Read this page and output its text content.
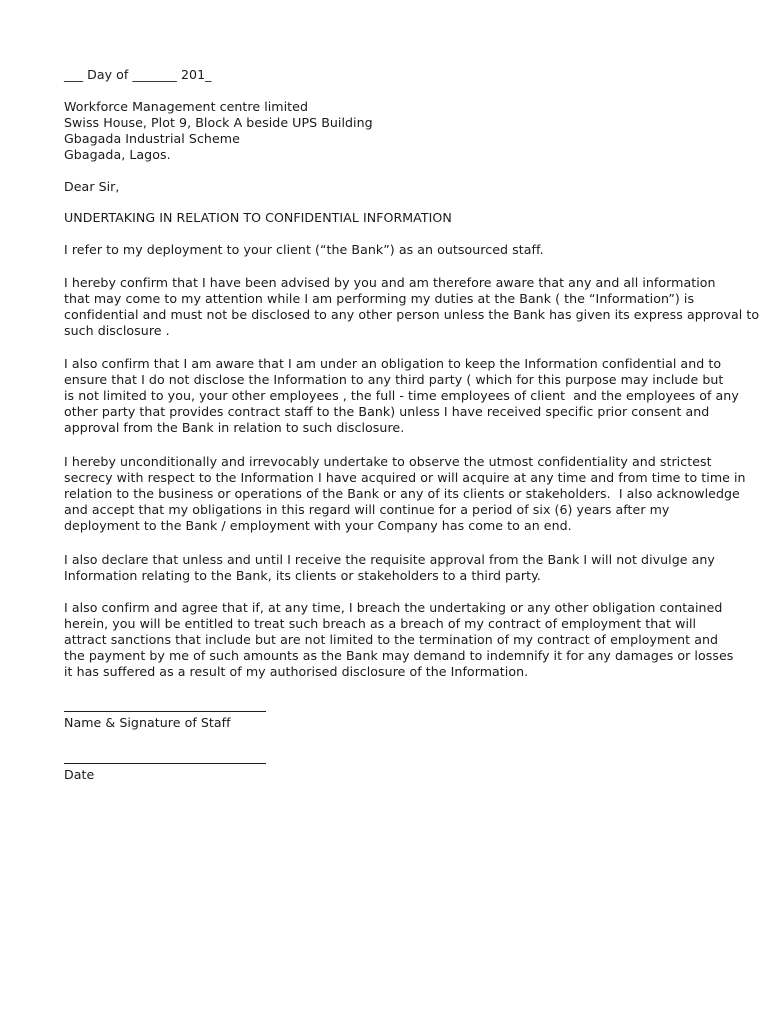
___ Day of _______ 201_
Workforce Management centre limited
Swiss House, Plot 9, Block A beside UPS Building
Gbagada Industrial Scheme
Gbagada, Lagos.
Dear Sir,
UNDERTAKING IN RELATION TO CONFIDENTIAL INFORMATION
I refer to my deployment to your client (“the Bank”) as an outsourced staff.
I hereby confirm that I have been advised by you and am therefore aware that any and all information
that may come to my attention while I am performing my duties at the Bank ( the “Information”) is
confidential and must not be disclosed to any other person unless the Bank has given its express approval to
such disclosure .
I also confirm that I am aware that I am under an obligation to keep the Information confidential and to
ensure that I do not disclose the Information to any third party ( which for this purpose may include but
is not limited to you, your other employees , the full - time employees of client  and the employees of any
other party that provides contract staff to the Bank) unless I have received specific prior consent and
approval from the Bank in relation to such disclosure.
I hereby unconditionally and irrevocably undertake to observe the utmost confidentiality and strictest
secrecy with respect to the Information I have acquired or will acquire at any time and from time to time in
relation to the business or operations of the Bank or any of its clients or stakeholders.  I also acknowledge
and accept that my obligations in this regard will continue for a period of six (6) years after my
deployment to the Bank / employment with your Company has come to an end.
I also declare that unless and until I receive the requisite approval from the Bank I will not divulge any
Information relating to the Bank, its clients or stakeholders to a third party.
I also confirm and agree that if, at any time, I breach the undertaking or any other obligation contained
herein, you will be entitled to treat such breach as a breach of my contract of employment that will
attract sanctions that include but are not limited to the termination of my contract of employment and
the payment by me of such amounts as the Bank may demand to indemnify it for any damages or losses
it has suffered as a result of my authorised disclosure of the Information.
Name & Signature of Staff
Date
